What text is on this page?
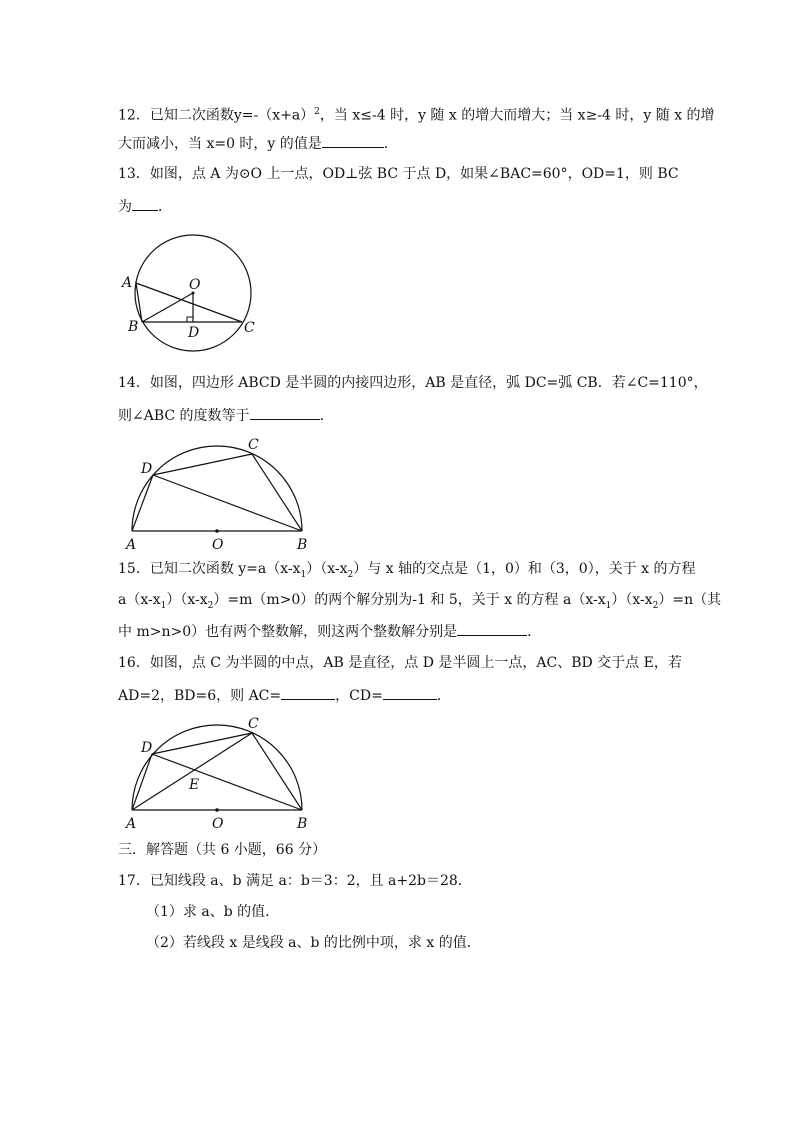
12．已知二次函数$y=-(x+a)^2$，当 x≤-4 时，y 随 x 的增大而增大；当 x≥-4 时，y 随 x 的增
大而减小，当 x=0 时，y 的值是	．
13．如图，点 A 为⊙O 上一点，OD⊥弦 BC 于点 D，如果∠BAC=60°，OD=1，则 BC
为 ．
A	O
B	D	C
14．如图，四边形 ABCD 是半圆的内接四边形，AB 是直径，弧 DC=弧 CB．若∠C=110°，
则∠ABC 的度数等于	．
C
D
A	O	B
15．已知二次函数 $y=a(x-x_1)(x-x_2)$与 x 轴的交点是（1，0）和（3，0），关于 x 的方程
$a(x-x_1)(x-x_2)=m(m>0)$的两个解分别为-1 和 5，关于 x 的方程 $a(x-x_1)(x-x_2)=n$（其
中 m>n>0）也有两个整数解，则这两个整数解分别是	．
16．如图，点 C 为半圆的中点，AB 是直径，点 D 是半圆上一点，AC、BD 交于点 E，若
AD=2，BD=6，则 AC=	，CD=	．
C
D
E
A	O	B
三．解答题（共 6 小题，66 分）
17．已知线段 a、b 满足 a：b＝3：2，且 a+2b＝28．
（1）求 a、b 的值．
（2）若线段 x 是线段 a、b 的比例中项，求 x 的值．
